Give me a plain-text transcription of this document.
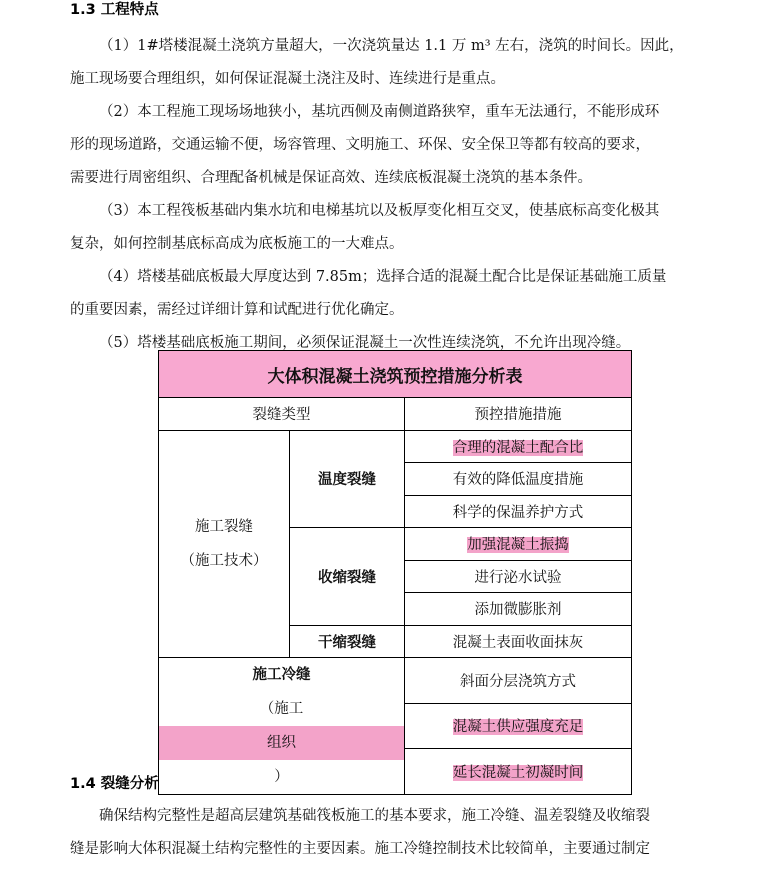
1.3 工程特点

（1）1#塔楼混凝土浇筑方量超大，一次浇筑量达 1.1 万 m³ 左右，浇筑的时间长。因此，
施工现场要合理组织，如何保证混凝土浇注及时、连续进行是重点。

（2）本工程施工现场场地狭小，基坑西侧及南侧道路狭窄，重车无法通行，不能形成环
形的现场道路，交通运输不便，场容管理、文明施工、环保、安全保卫等都有较高的要求，
需要进行周密组织、合理配备机械是保证高效、连续底板混凝土浇筑的基本条件。

（3）本工程筏板基础内集水坑和电梯基坑以及板厚变化相互交叉，使基底标高变化极其
复杂，如何控制基底标高成为底板施工的一大难点。

（4）塔楼基础底板最大厚度达到 7.85m；选择合适的混凝土配合比是保证基础施工质量
的重要因素，需经过详细计算和试配进行优化确定。

（5）塔楼基础底板施工期间，必须保证混凝土一次性连续浇筑，不允许出现冷缝。

大体积混凝土浇筑预控措施分析表		
裂缝类型		预控措施措施

施工裂缝
（施工技术）	温度裂缝	合理的混凝土配合比
		有效的降低温度措施
		科学的保温养护方式
	收缩裂缝	加强混凝土振捣
		进行泌水试验
		添加微膨胀剂
	干缩裂缝	混凝土表面收面抹灰

施工冷缝
（施工
组织
）		斜面分层浇筑方式
		混凝土供应强度充足
		延长混凝土初凝时间
1.4 裂缝分析

确保结构完整性是超高层建筑基础筏板施工的基本要求，施工冷缝、温差裂缝及收缩裂
缝是影响大体积混凝土结构完整性的主要因素。施工冷缝控制技术比较简单，主要通过制定
